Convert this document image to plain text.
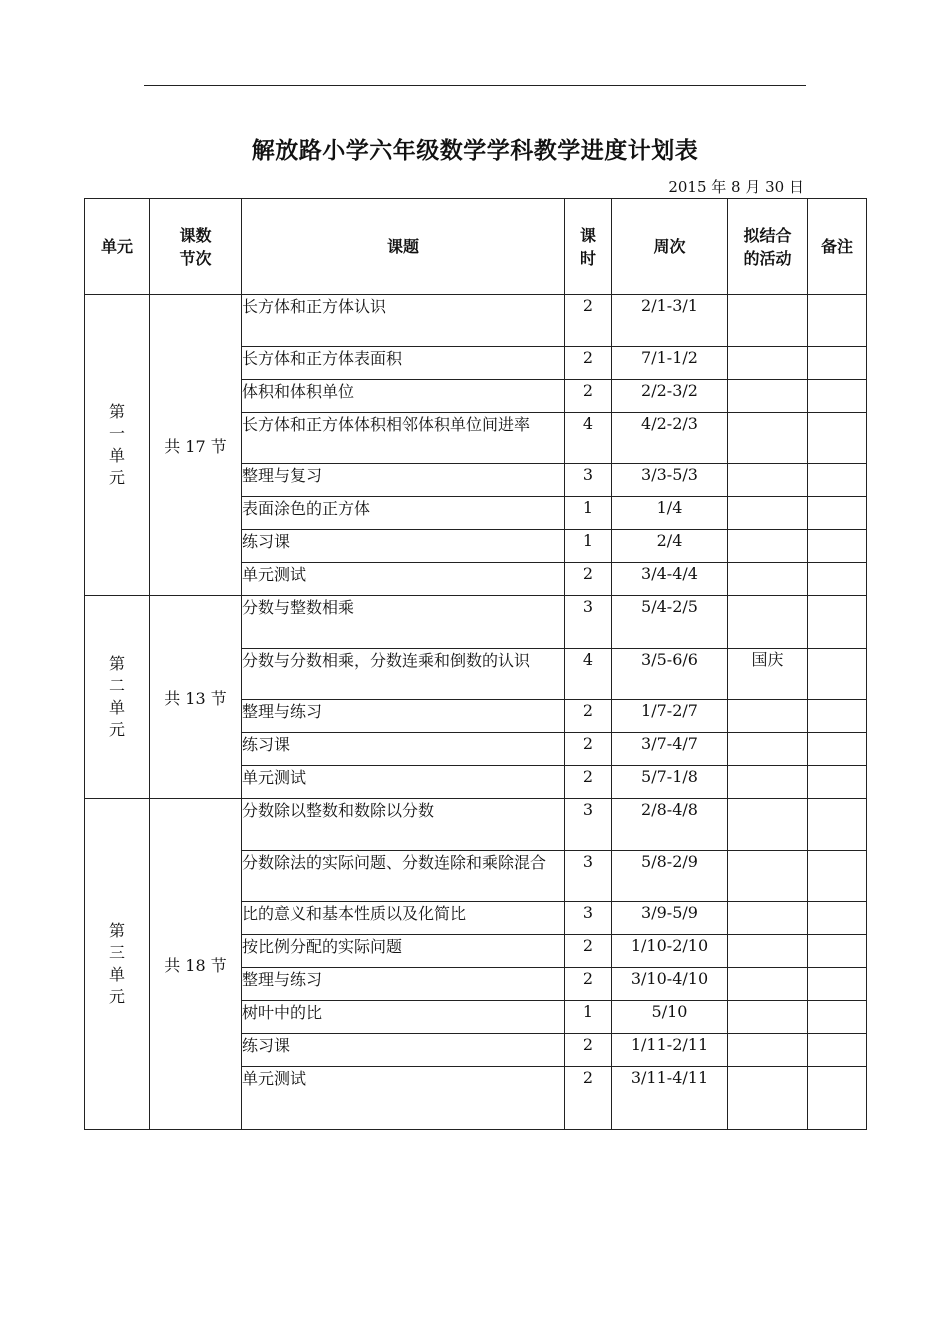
解放路小学六年级数学学科教学进度计划表
2015 年 8 月 30 日
单元	课数节次	课题	课时	周次	拟结合的活动	备注
第一单元	共 17 节	长方体和正方体认识	2	2/1-3/1		
		长方体和正方体表面积	2	7/1-1/2		
		体积和体积单位	2	2/2-3/2		
		长方体和正方体体积相邻体积单位间进率	4	4/2-2/3		
		整理与复习	3	3/3-5/3		
		表面涂色的正方体	1	1/4		
		练习课	1	2/4		
		单元测试	2	3/4-4/4		
第二单元	共 13 节	分数与整数相乘	3	5/4-2/5		
		分数与分数相乘，分数连乘和倒数的认识	4	3/5-6/6	国庆	
		整理与练习	2	1/7-2/7		
		练习课	2	3/7-4/7		
		单元测试	2	5/7-1/8		
第三单元	共 18 节	分数除以整数和数除以分数	3	2/8-4/8		
		分数除法的实际问题、分数连除和乘除混合	3	5/8-2/9		
		比的意义和基本性质以及化简比	3	3/9-5/9		
		按比例分配的实际问题	2	1/10-2/10		
		整理与练习	2	3/10-4/10		
		树叶中的比	1	5/10		
		练习课	2	1/11-2/11		
		单元测试	2	3/11-4/11		
